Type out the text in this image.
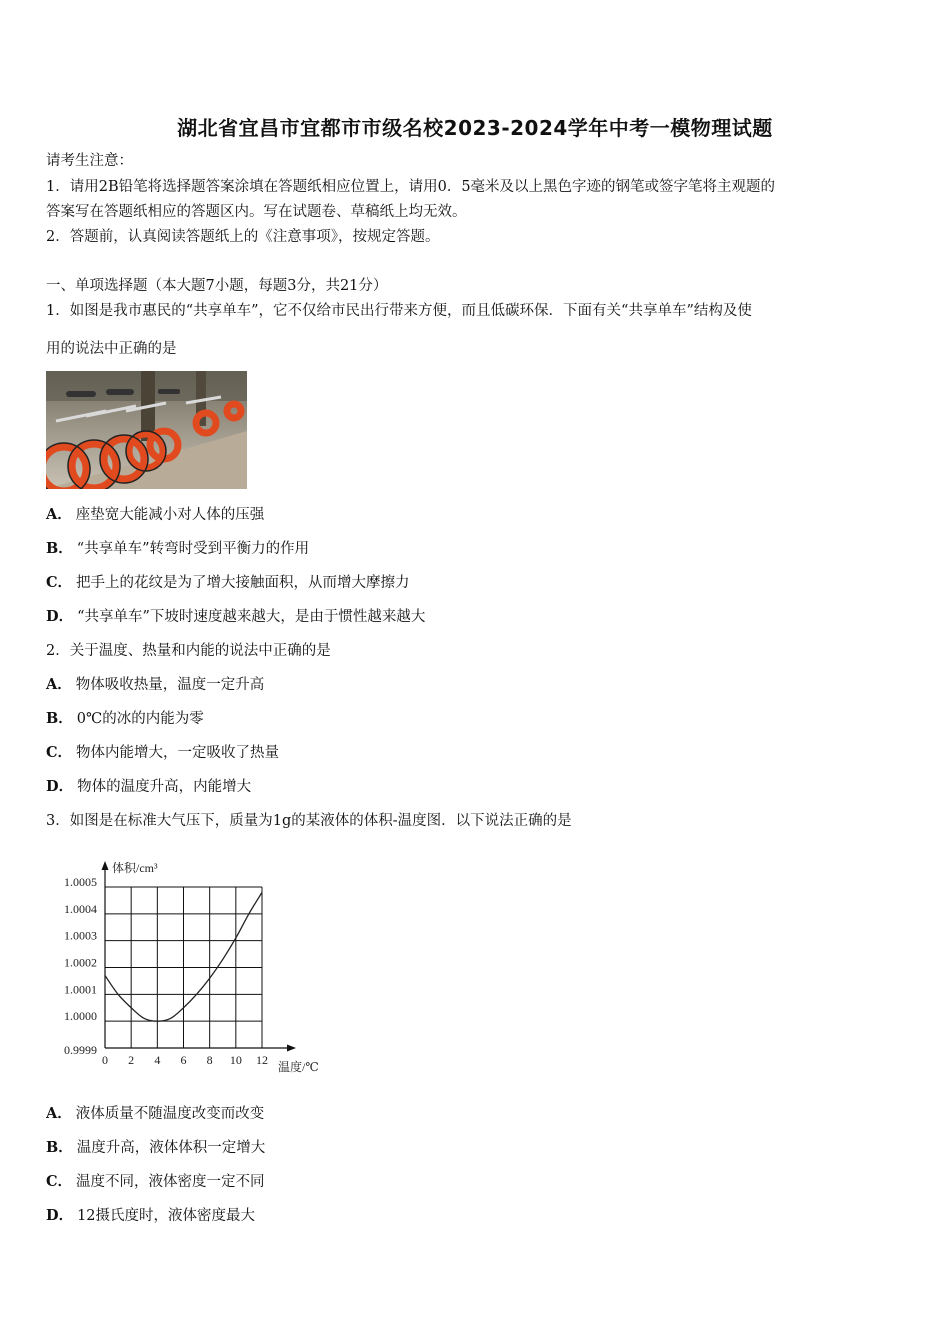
湖北省宜昌市宜都市市级名校2023-2024学年中考一模物理试题
请考生注意：
1．请用2B铅笔将选择题答案涂填在答题纸相应位置上，请用0．5毫米及以上黑色字迹的钢笔或签字笔将主观题的
答案写在答题纸相应的答题区内。写在试题卷、草稿纸上均无效。
2．答题前，认真阅读答题纸上的《注意事项》，按规定答题。
一、单项选择题（本大题7小题，每题3分，共21分）
1．如图是我市惠民的“共享单车”，它不仅给市民出行带来方便，而且低碳环保．下面有关“共享单车”结构及使
用的说法中正确的是
A． 座垫宽大能减小对人体的压强
B． “共享单车”转弯时受到平衡力的作用
C． 把手上的花纹是为了增大接触面积，从而增大摩擦力
D． “共享单车”下坡时速度越来越大，是由于惯性越来越大
2．关于温度、热量和内能的说法中正确的是
A． 物体吸收热量，温度一定升高
B． 0℃的冰的内能为零
C． 物体内能增大，一定吸收了热量
D． 物体的温度升高，内能增大
3．如图是在标准大气压下，质量为1g的某液体的体积-温度图．以下说法正确的是
0 2 4 6 8 10 12
0.9999
1.0000
1.0001
1.0002
1.0003
1.0004
1.0005
体积/cm³
温度/℃
A． 液体质量不随温度改变而改变
B． 温度升高，液体体积一定增大
C． 温度不同，液体密度一定不同
D． 12摄氏度时，液体密度最大
